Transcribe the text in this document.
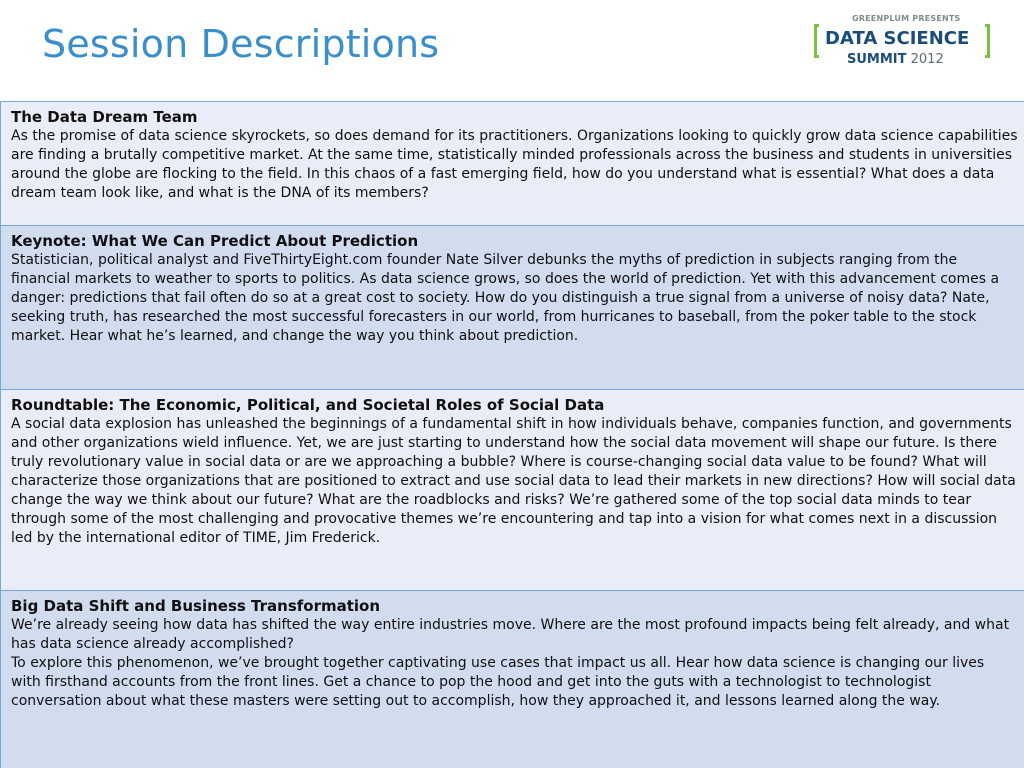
Session Descriptions
GREENPLUM PRESENTS
DATA SCIENCE
SUMMIT 2012
The Data Dream Team
As the promise of data science skyrockets, so does demand for its practitioners. Organizations looking to quickly grow data science capabilities are finding a brutally competitive market. At the same time, statistically minded professionals across the business and students in universities around the globe are flocking to the field. In this chaos of a fast emerging field, how do you understand what is essential? What does a data dream team look like, and what is the DNA of its members?
Keynote: What We Can Predict About Prediction
Statistician, political analyst and FiveThirtyEight.com founder Nate Silver debunks the myths of prediction in subjects ranging from the financial markets to weather to sports to politics. As data science grows, so does the world of prediction. Yet with this advancement comes a danger: predictions that fail often do so at a great cost to society. How do you distinguish a true signal from a universe of noisy data? Nate, seeking truth, has researched the most successful forecasters in our world, from hurricanes to baseball, from the poker table to the stock market. Hear what he’s learned, and change the way you think about prediction.
Roundtable: The Economic, Political, and Societal Roles of Social Data
A social data explosion has unleashed the beginnings of a fundamental shift in how individuals behave, companies function, and governments and other organizations wield influence. Yet, we are just starting to understand how the social data movement will shape our future. Is there truly revolutionary value in social data or are we approaching a bubble? Where is course-changing social data value to be found? What will characterize those organizations that are positioned to extract and use social data to lead their markets in new directions? How will social data change the way we think about our future? What are the roadblocks and risks? We’re gathered some of the top social data minds to tear through some of the most challenging and provocative themes we’re encountering and tap into a vision for what comes next in a discussion led by the international editor of TIME, Jim Frederick.
Big Data Shift and Business Transformation
We’re already seeing how data has shifted the way entire industries move. Where are the most profound impacts being felt already, and what has data science already accomplished?
To explore this phenomenon, we’ve brought together captivating use cases that impact us all. Hear how data science is changing our lives with firsthand accounts from the front lines. Get a chance to pop the hood and get into the guts with a technologist to technologist conversation about what these masters were setting out to accomplish, how they approached it, and lessons learned along the way.
